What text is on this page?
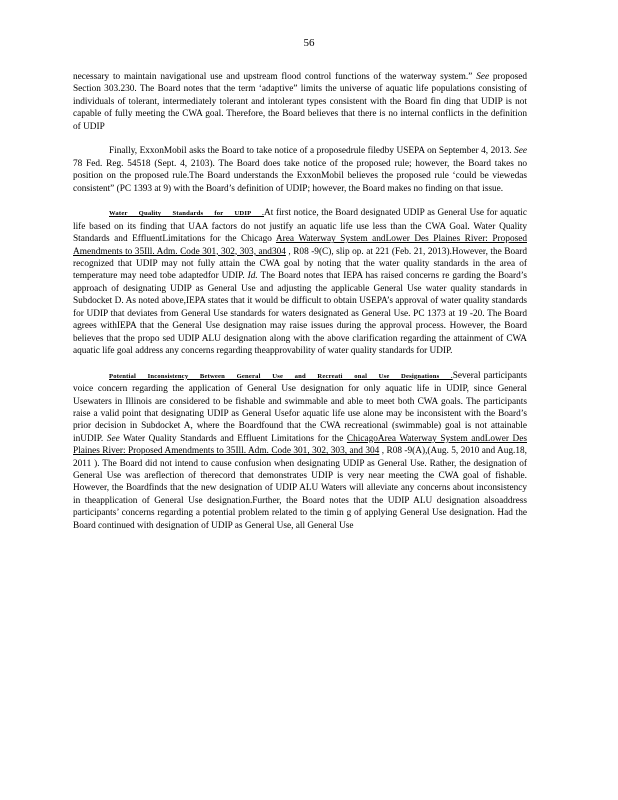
56

necessary to maintain navigational use and upstream flood control functions of the waterway system.” See proposed Section 303.230. The Board notes that the term ‘adaptive” limits the universe of aquatic life populations consisting of individuals of tolerant, intermediately tolerant and intolerant types consistent with the Board fin ding that UDIP is not capable of fully meeting the CWA goal. Therefore, the Board believes that there is no internal conflicts in the definition of UDIP

Finally, ExxonMobil asks the Board to take notice of a proposedrule filedby USEPA on September 4, 2013. See 78 Fed. Reg. 54518 (Sept. 4, 2103). The Board does take notice of the proposed rule; however, the Board takes no position on the proposed rule.The Board understands the ExxonMobil believes the proposed rule ‘could be viewedas consistent” (PC 1393 at 9) with the Board’s definition of UDIP; however, the Board makes no finding on that issue.

Water Quality Standards for UDIP .At first notice, the Board designated UDIP as General Use for aquatic life based on its finding that UAA factors do not justify an aquatic life use less than the CWA Goal. Water Quality Standards and EffluentLimitations for the Chicago Area Waterway System andLower Des Plaines River: Proposed Amendments to 35Ill. Adm. Code 301, 302, 303, and304 , R08 -9(C), slip op. at 221 (Feb. 21, 2013).However, the Board recognized that UDIP may not fully attain the CWA goal by noting that the water quality standards in the area of temperature may need tobe adaptedfor UDIP. Id. The Board notes that IEPA has raised concerns re garding the Board’s approach of designating UDIP as General Use and adjusting the applicable General Use water quality standards in Subdocket D. As noted above,IEPA states that it would be difficult to obtain USEPA’s approval of water quality standards for UDIP that deviates from General Use standards for waters designated as General Use. PC 1373 at 19 -20. The Board agrees withIEPA that the General Use designation may raise issues during the approval process. However, the Board believes that the propo sed UDIP ALU designation along with the above clarification regarding the attainment of CWA aquatic life goal address any concerns regarding theapprovability of water quality standards for UDIP.

Potential Inconsistency Between General Use and Recreati onal Use Designations .Several participants voice concern regarding the application of General Use designation for only aquatic life in UDIP, since General Usewaters in Illinois are considered to be fishable and swimmable and able to meet both CWA goals. The participants raise a valid point that designating UDIP as General Usefor aquatic life use alone may be inconsistent with the Board’s prior decision in Subdocket A, where the Boardfound that the CWA recreational (swimmable) goal is not attainable inUDIP. See Water Quality Standards and Effluent Limitations for the ChicagoArea Waterway System andLower Des Plaines River: Proposed Amendments to 35Ill. Adm. Code 301, 302, 303, and 304 , R08 -9(A),(Aug. 5, 2010 and Aug.18, 2011 ). The Board did not intend to cause confusion when designating UDIP as General Use. Rather, the designation of General Use was areflection of therecord that demonstrates UDIP is very near meeting the CWA goal of fishable. However, the Boardfinds that the new designation of UDIP ALU Waters will alleviate any concerns about inconsistency in theapplication of General Use designation.Further, the Board notes that the UDIP ALU designation alsoaddress participants’ concerns regarding a potential problem related to the timin g of applying General Use designation. Had the Board continued with designation of UDIP as General Use, all General Use
